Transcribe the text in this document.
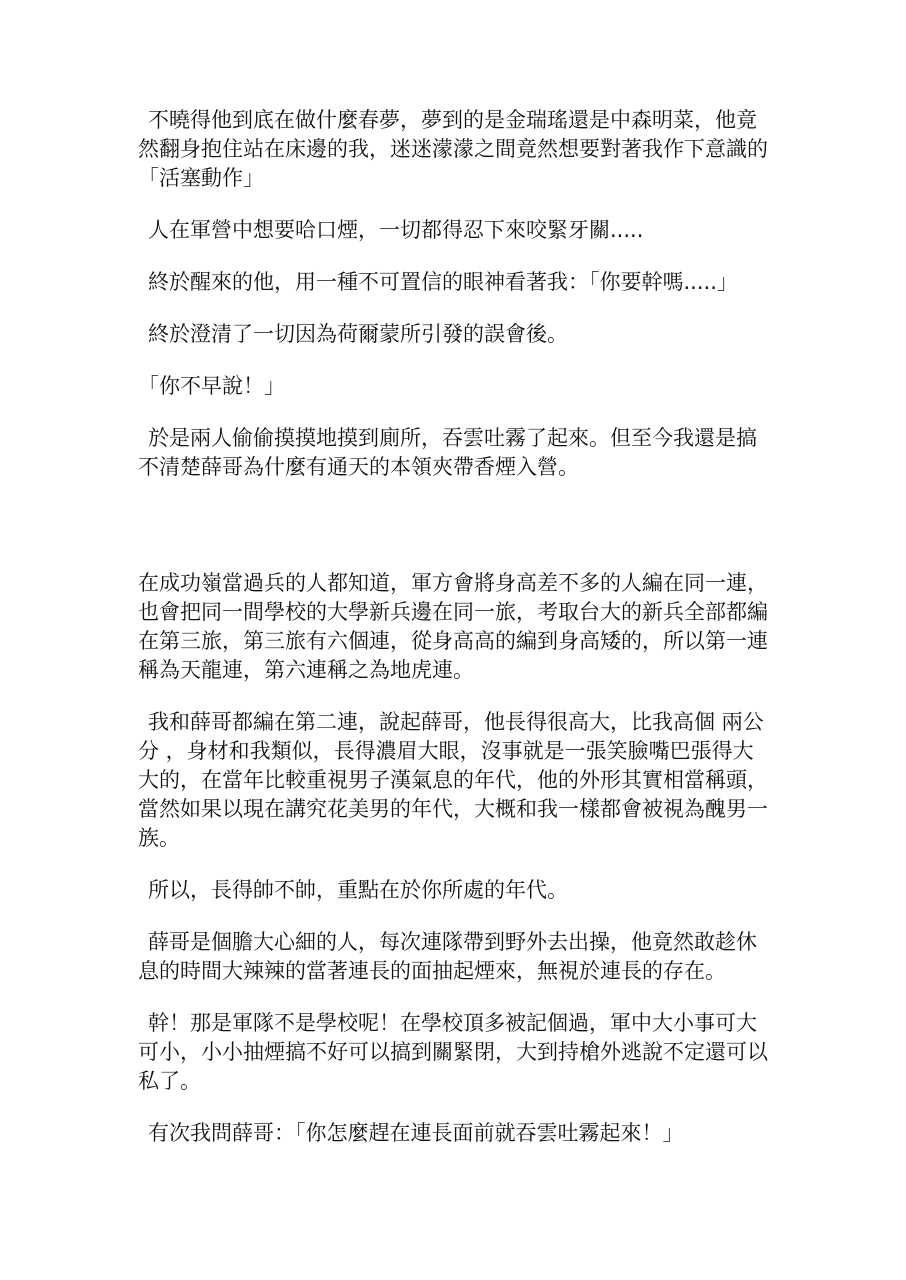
不曉得他到底在做什麼春夢，夢到的是金瑞瑤還是中森明菜，他竟然翻身抱住站在床邊的我，迷迷濛濛之間竟然想要對著我作下意識的「活塞動作」

人在軍營中想要哈口煙，一切都得忍下來咬緊牙關.....

終於醒來的他，用一種不可置信的眼神看著我：「你要幹嗎.....」

終於澄清了一切因為荷爾蒙所引發的誤會後。

「你不早說！」

於是兩人偷偷摸摸地摸到廁所，吞雲吐霧了起來。但至今我還是搞不清楚薛哥為什麼有通天的本領夾帶香煙入營。

在成功嶺當過兵的人都知道，軍方會將身高差不多的人編在同一連，也會把同一間學校的大學新兵邊在同一旅，考取台大的新兵全部都編在第三旅，第三旅有六個連，從身高高的編到身高矮的，所以第一連稱為天龍連，第六連稱之為地虎連。

我和薛哥都編在第二連，說起薛哥，他長得很高大，比我高個 兩公分 ，身材和我類似，長得濃眉大眼，沒事就是一張笑臉嘴巴張得大大的，在當年比較重視男子漢氣息的年代，他的外形其實相當稱頭，當然如果以現在講究花美男的年代，大概和我一樣都會被視為醜男一族。

所以，長得帥不帥，重點在於你所處的年代。

薛哥是個膽大心細的人，每次連隊帶到野外去出操，他竟然敢趁休息的時間大辣辣的當著連長的面抽起煙來，無視於連長的存在。

幹！那是軍隊不是學校呢！在學校頂多被記個過，軍中大小事可大可小，小小抽煙搞不好可以搞到關緊閉，大到持槍外逃說不定還可以私了。

有次我問薛哥：「你怎麼趕在連長面前就吞雲吐霧起來！」
